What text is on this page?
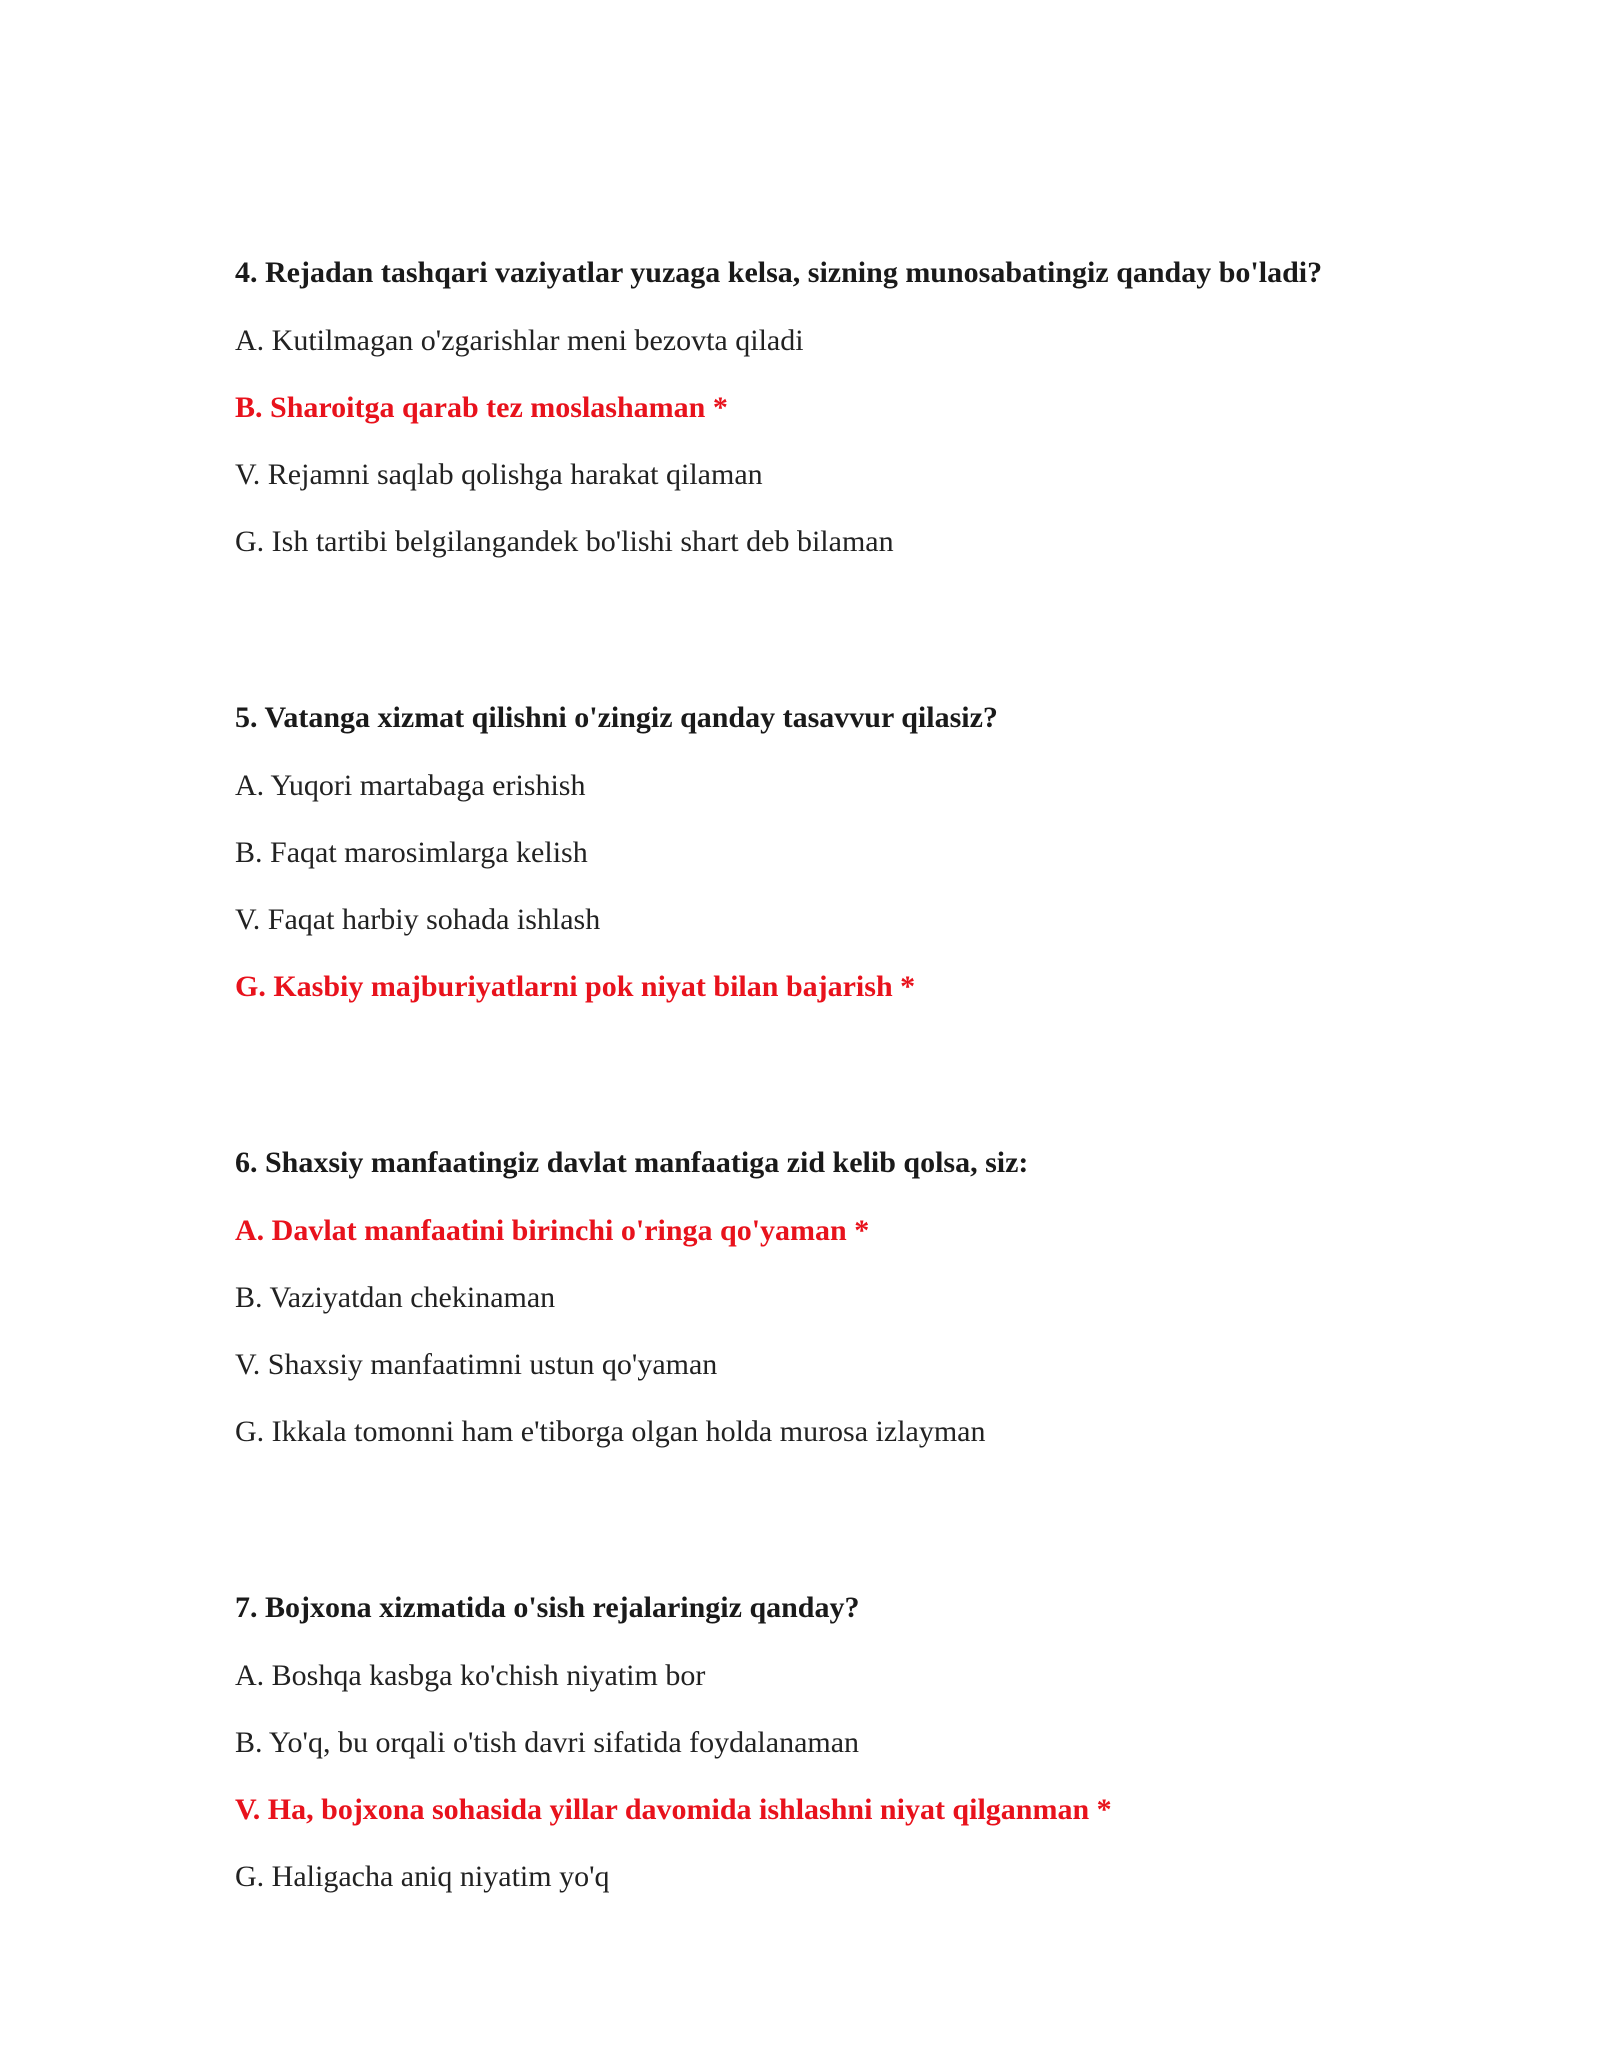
4. Rejadan tashqari vaziyatlar yuzaga kelsa, sizning munosabatingiz qanday bo'ladi?

A. Kutilmagan o'zgarishlar meni bezovta qiladi

B. Sharoitga qarab tez moslashaman *

V. Rejamni saqlab qolishga harakat qilaman

G. Ish tartibi belgilangandek bo'lishi shart deb bilaman

5. Vatanga xizmat qilishni o'zingiz qanday tasavvur qilasiz?

A. Yuqori martabaga erishish

B. Faqat marosimlarga kelish

V. Faqat harbiy sohada ishlash

G. Kasbiy majburiyatlarni pok niyat bilan bajarish *

6. Shaxsiy manfaatingiz davlat manfaatiga zid kelib qolsa, siz:

A. Davlat manfaatini birinchi o'ringa qo'yaman *

B. Vaziyatdan chekinaman

V. Shaxsiy manfaatimni ustun qo'yaman

G. Ikkala tomonni ham e'tiborga olgan holda murosa izlayman

7. Bojxona xizmatida o'sish rejalaringiz qanday?

A. Boshqa kasbga ko'chish niyatim bor

B. Yo'q, bu orqali o'tish davri sifatida foydalanaman

V. Ha, bojxona sohasida yillar davomida ishlashni niyat qilganman *

G. Haligacha aniq niyatim yo'q
